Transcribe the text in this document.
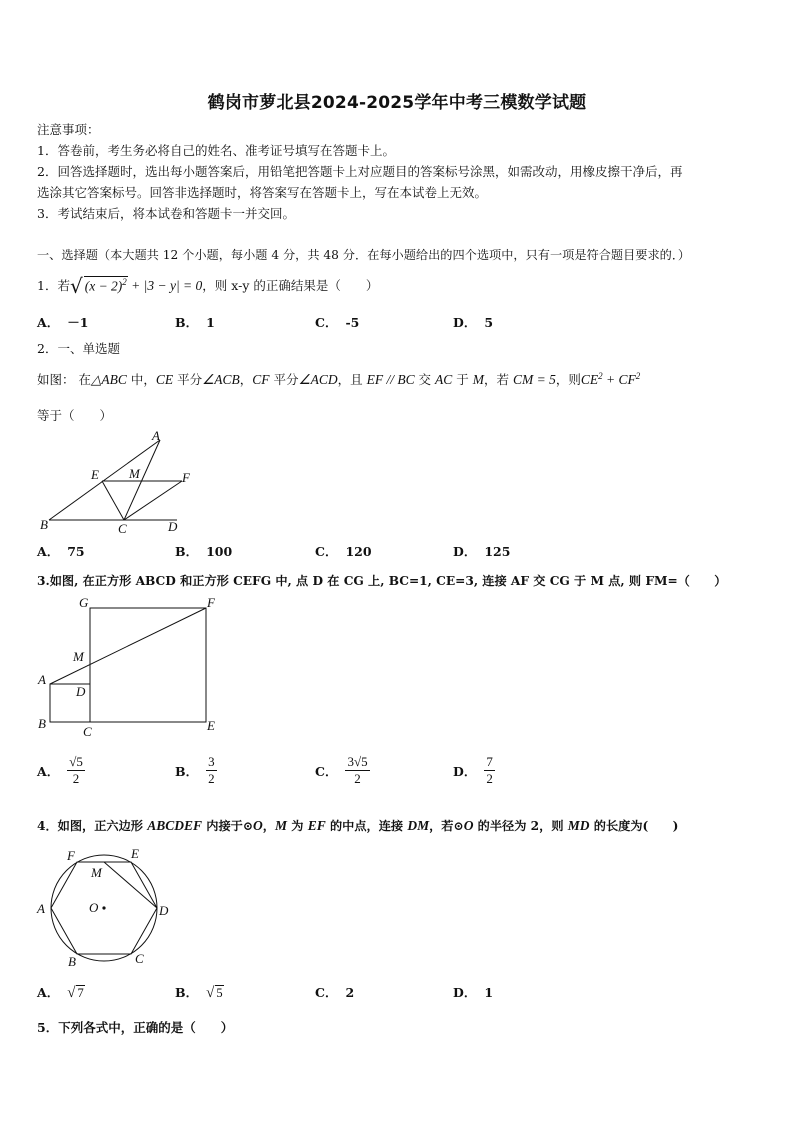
鹤岗市萝北县2024-2025学年中考三模数学试题
注意事项：
1．答卷前，考生务必将自己的姓名、准考证号填写在答题卡上。
2．回答选择题时，选出每小题答案后，用铅笔把答题卡上对应题目的答案标号涂黑，如需改动，用橡皮擦干净后，再
选涂其它答案标号。回答非选择题时，将答案写在答题卡上，写在本试卷上无效。
3．考试结束后，将本试卷和答题卡一并交回。
一、选择题（本大题共 12 个小题，每小题 4 分，共 48 分．在每小题给出的四个选项中，只有一项是符合题目要求的．）
1．若√ $(x - 2)^2 + |3 - y| = 0$，则 x-y 的正确结果是（　　）
A． －1	B． 1	C． -5	D． 5
2．一、单选题
如图： 在△ABC 中，CE 平分∠ACB，CF 平分∠ACD，且 EF // BC 交 AC 于 M，若 CM = 5，则$CE^2 + CF^2$
等于（　　）
A
E M	F
B	C	D
A． 75	B． 100	C． 120	D． 125
3.如图, 在正方形 ABCD 和正方形 CEFG 中, 点 D 在 CG 上, BC=1, CE=3, 连接 AF 交 CG 于 M 点, 则 FM=（　　）
G	F
M
A
D
B
C	E
A． $\frac{√5}{2}$	B． $\frac{3}{2}$	C． $\frac{3√5}{2}$	D． $\frac{7}{2}$
4．如图，正六边形 ABCDEF 内接于⊙O，M 为 EF 的中点，连接 DM，若⊙O 的半径为 2，则 MD 的长度为(　　)
F	E
M
A	O	D
B	C
A． √ 7	B． √ 5	C． 2	D． 1
5．下列各式中，正确的是（　　）
